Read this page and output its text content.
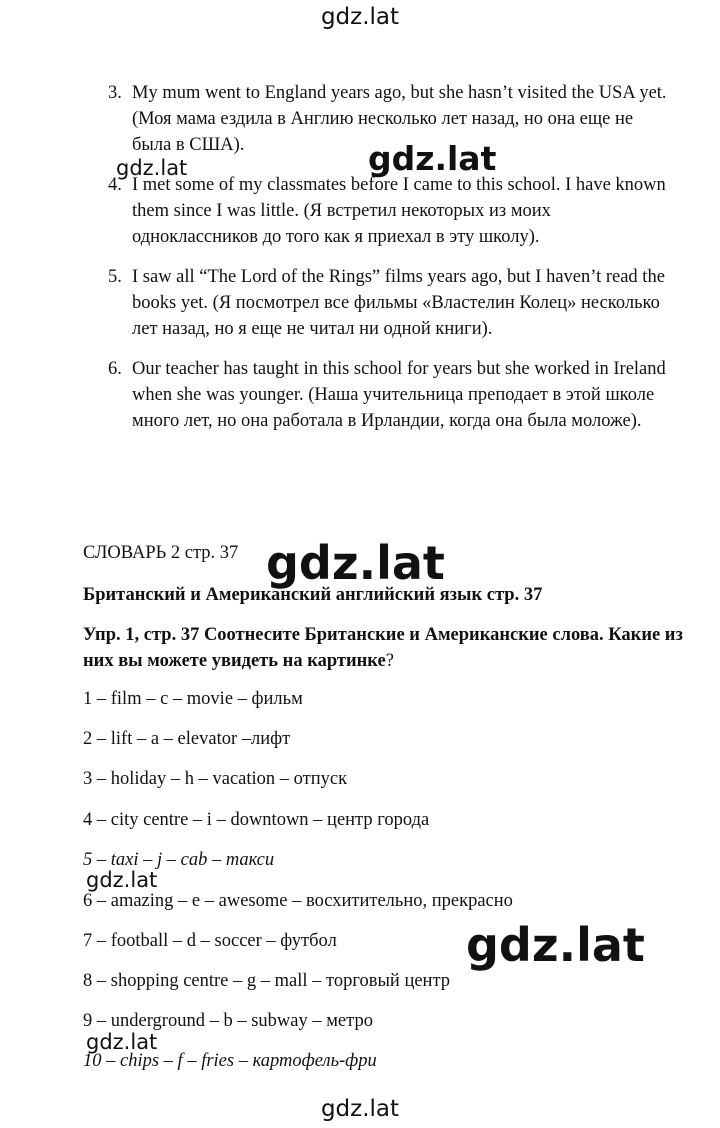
gdz.lat
3. My mum went to England years ago, but she hasn’t visited the USA yet. (Моя мама ездила в Англию несколько лет назад, но она еще не была в США).
4. I met some of my classmates before I came to this school. I have known them since I was little. (Я встретил некоторых из моих одноклассников до того как я приехал в эту школу).
5. I saw all “The Lord of the Rings” films years ago, but I haven’t read the books yet. (Я посмотрел все фильмы «Властелин Колец» несколько лет назад, но я еще не читал ни одной книги).
6. Our teacher has taught in this school for years but she worked in Ireland when she was younger. (Наша учительница преподает в этой школе много лет, но она работала в Ирландии, когда она была моложе).
СЛОВАРЬ 2 стр. 37
Британский и Американский английский язык стр. 37
Упр. 1, стр. 37 Соотнесите Британские и Американские слова. Какие из них вы можете увидеть на картинке?
1 – film – c – movie – фильм
2 – lift – a – elevator –лифт
3 – holiday – h – vacation – отпуск
4 – city centre – i – downtown – центр города
5 – taxi – j – cab – такси
6 – amazing – e – awesome – восхитительно, прекрасно
7 – football – d – soccer – футбол
8 – shopping centre – g – mall – торговый центр
9 – underground – b – subway – метро
10 – chips – f – fries – картофель-фри
gdz.lat	gdz.lat
gdz.lat
gdz.lat
gdz.lat
gdz.lat
gdz.lat
